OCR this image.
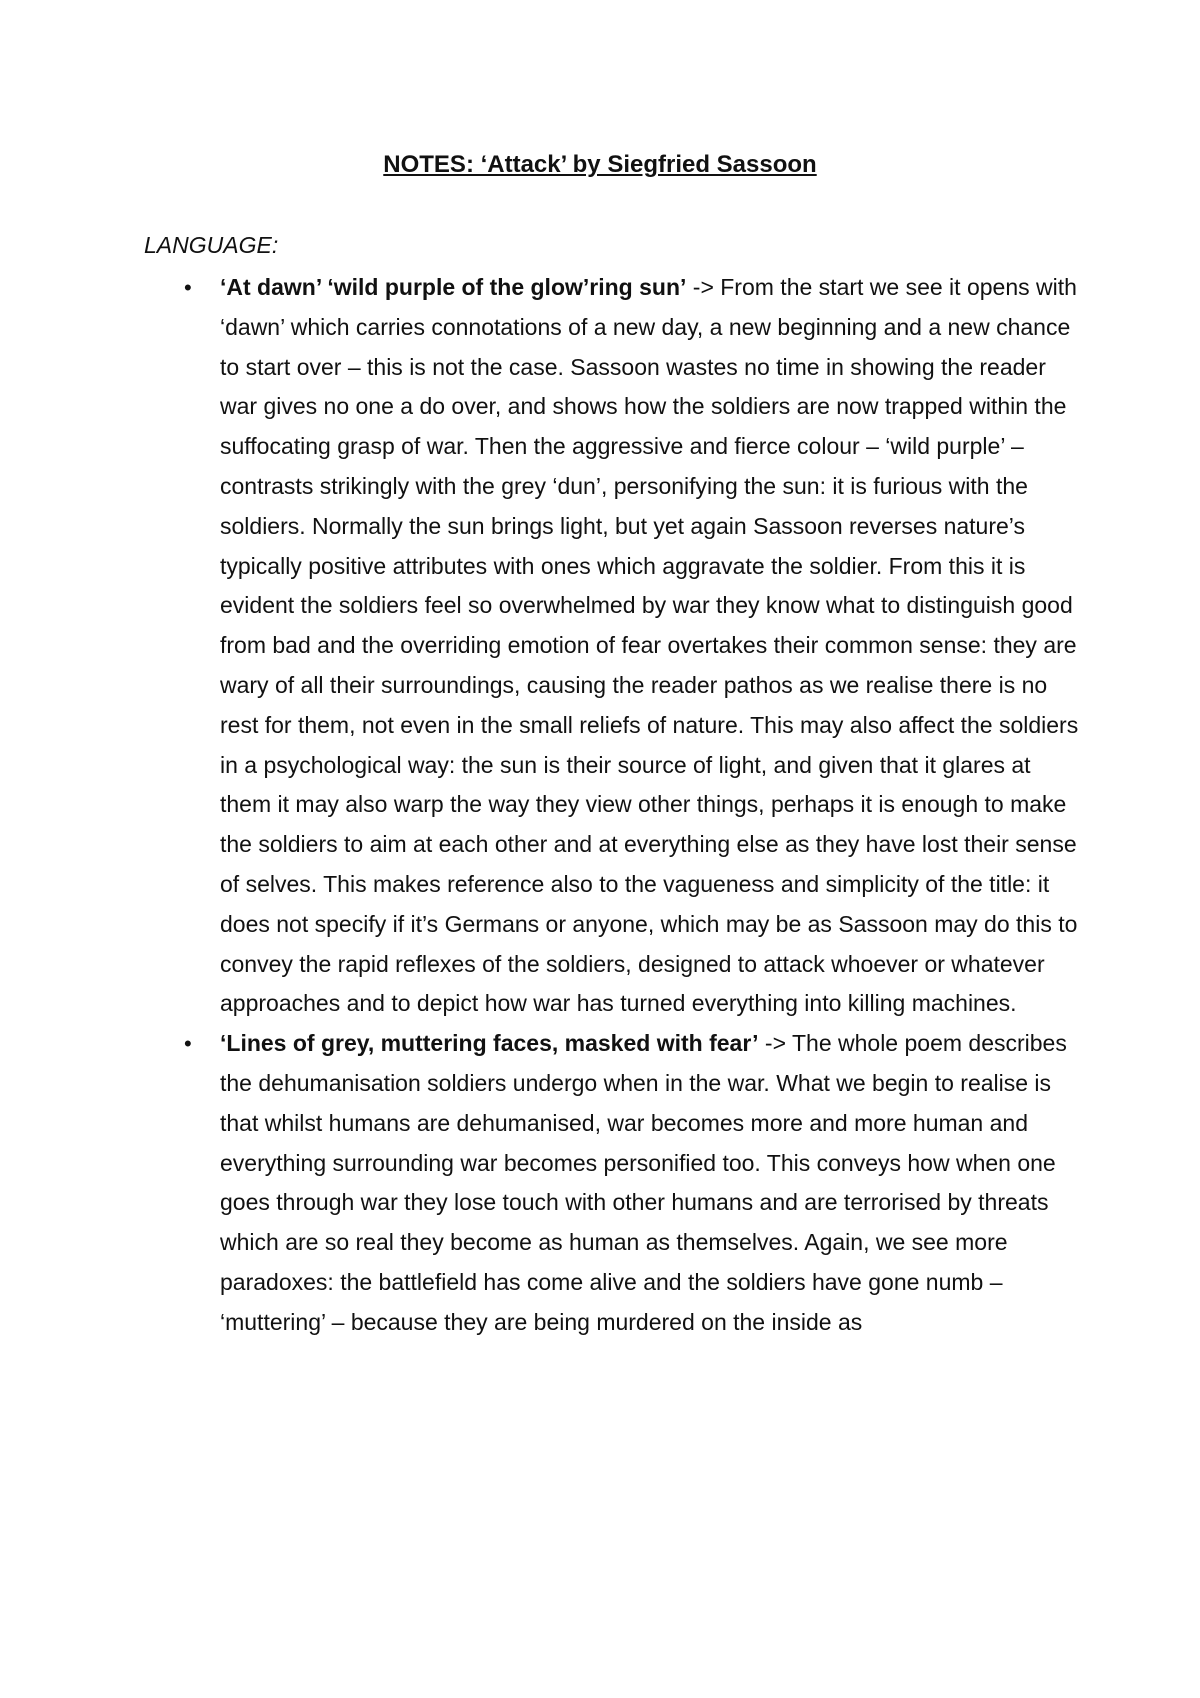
NOTES: ‘Attack’ by Siegfried Sassoon

LANGUAGE:

• ‘At dawn’ ‘wild purple of the glow’ring sun’ -> From the start we see it opens with ‘dawn’ which carries connotations of a new day, a new beginning and a new chance to start over – this is not the case. Sassoon wastes no time in showing the reader war gives no one a do over, and shows how the soldiers are now trapped within the suffocating grasp of war. Then the aggressive and fierce colour – ‘wild purple’ – contrasts strikingly with the grey ‘dun’, personifying the sun: it is furious with the soldiers. Normally the sun brings light, but yet again Sassoon reverses nature’s typically positive attributes with ones which aggravate the soldier. From this it is evident the soldiers feel so overwhelmed by war they know what to distinguish good from bad and the overriding emotion of fear overtakes their common sense: they are wary of all their surroundings, causing the reader pathos as we realise there is no rest for them, not even in the small reliefs of nature. This may also affect the soldiers in a psychological way: the sun is their source of light, and given that it glares at them it may also warp the way they view other things, perhaps it is enough to make the soldiers to aim at each other and at everything else as they have lost their sense of selves. This makes reference also to the vagueness and simplicity of the title: it does not specify if it’s Germans or anyone, which may be as Sassoon may do this to convey the rapid reflexes of the soldiers, designed to attack whoever or whatever approaches and to depict how war has turned everything into killing machines.
• ‘Lines of grey, muttering faces, masked with fear’ -> The whole poem describes the dehumanisation soldiers undergo when in the war. What we begin to realise is that whilst humans are dehumanised, war becomes more and more human and everything surrounding war becomes personified too. This conveys how when one goes through war they lose touch with other humans and are terrorised by threats which are so real they become as human as themselves. Again, we see more paradoxes: the battlefield has come alive and the soldiers have gone numb – ‘muttering’ – because they are being murdered on the inside as
